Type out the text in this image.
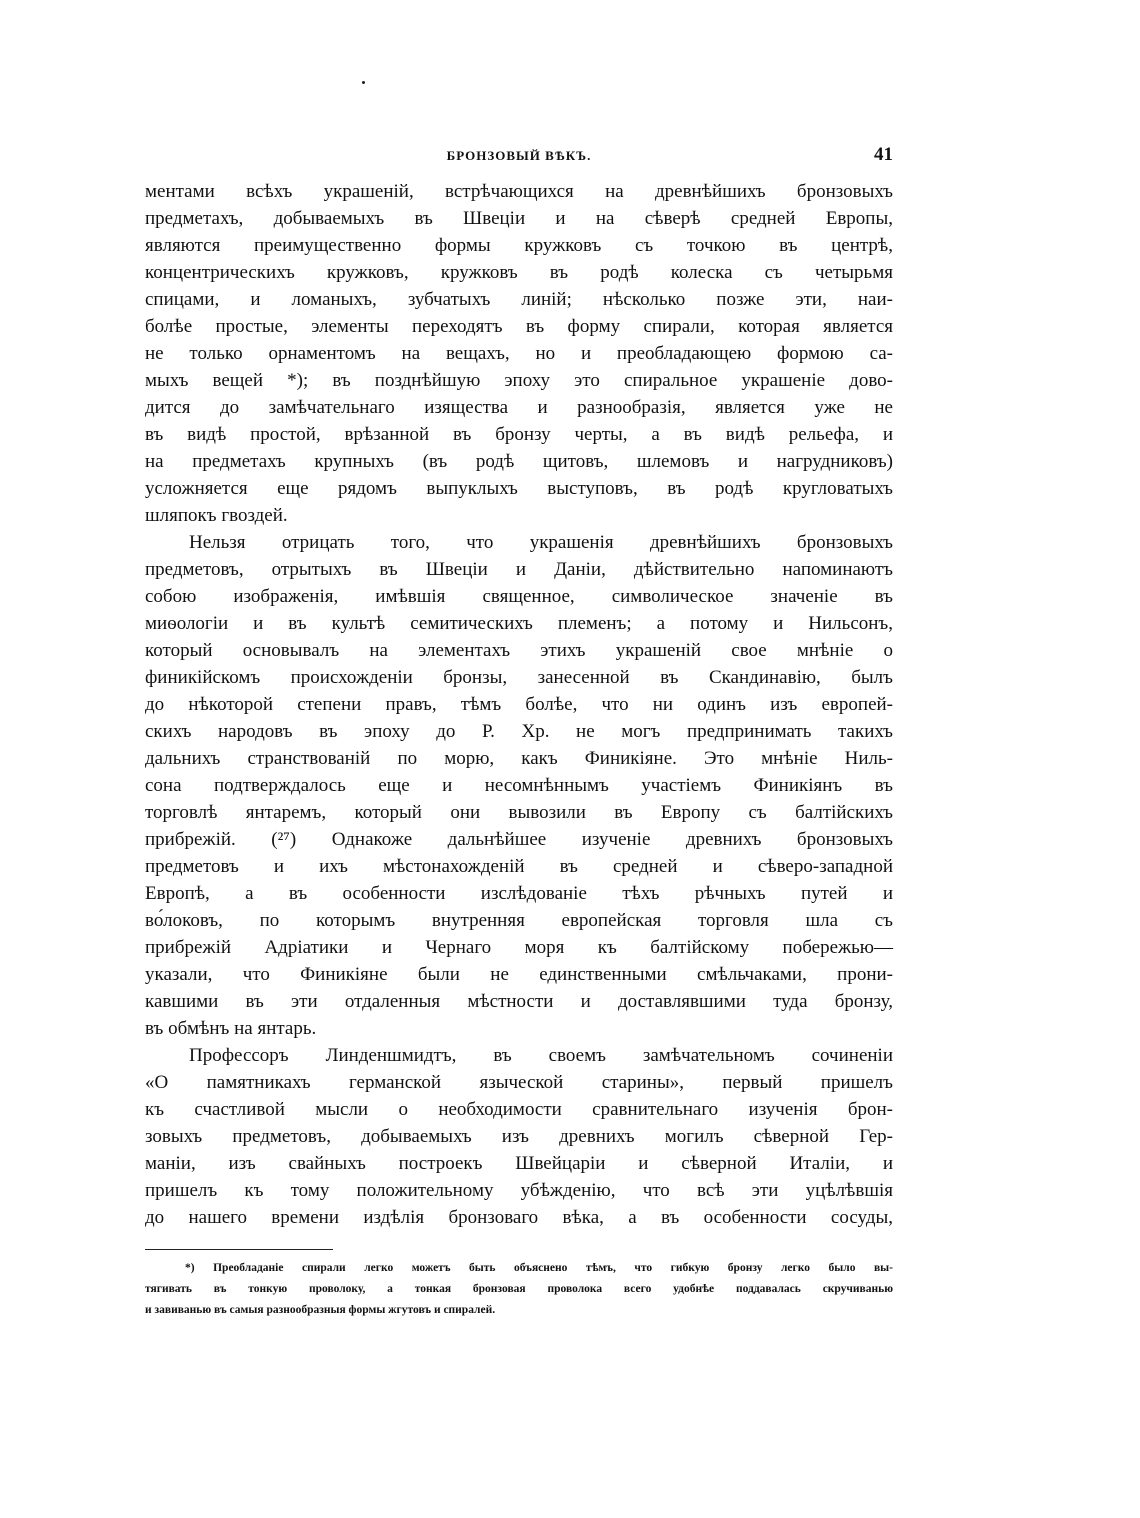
БРОНЗОВЫЙ ВѢКЪ.	41

ментами всѣхъ украшеній, встрѣчающихся на древнѣйшихъ бронзовыхъ

предметахъ, добываемыхъ въ Швеціи и на сѣверѣ средней Европы,

являются преимущественно формы кружковъ съ точкою въ центрѣ,

концентрическихъ кружковъ, кружковъ въ родѣ колеска съ четырьмя

спицами, и ломаныхъ, зубчатыхъ линій; нѣсколько позже эти, наи-

болѣе простые, элементы переходятъ въ форму спирали, которая является

не только орнаментомъ на вещахъ, но и преобладающею формою са-

мыхъ вещей *); въ позднѣйшую эпоху это спиральное украшеніе дово-

дится до замѣчательнаго изящества и разнообразія, является уже не

въ видѣ простой, врѣзанной въ бронзу черты, а въ видѣ рельефа, и

на предметахъ крупныхъ (въ родѣ щитовъ, шлемовъ и нагрудниковъ)

усложняется еще рядомъ выпуклыхъ выступовъ, въ родѣ кругловатыхъ

шляпокъ гвоздей.

Нельзя отрицать того, что украшенія древнѣйшихъ бронзовыхъ

предметовъ, отрытыхъ въ Швеціи и Даніи, дѣйствительно напоминаютъ

собою изображенія, имѣвшія священное, символическое значеніе въ

миѳологіи и въ культѣ семитическихъ племенъ; а потому и Нильсонъ,

который основывалъ на элементахъ этихъ украшеній свое мнѣніе о

финикійскомъ происхожденіи бронзы, занесенной въ Скандинавію, былъ

до нѣкоторой степени правъ, тѣмъ болѣе, что ни одинъ изъ европей-

скихъ народовъ въ эпоху до Р. Хр. не могъ предпринимать такихъ

дальнихъ странствованій по морю, какъ Финикіяне. Это мнѣніе Ниль-

сона подтверждалось еще и несомнѣннымъ участіемъ Финикіянъ въ

торговлѣ янтаремъ, который они вывозили въ Европу съ балтійскихъ

прибрежій. (²⁷) Однакоже дальнѣйшее изученіе древнихъ бронзовыхъ

предметовъ и ихъ мѣстонахожденій въ средней и сѣверо-западной

Европѣ, а въ особенности изслѣдованіе тѣхъ рѣчныхъ путей и

во́локовъ, по которымъ внутренняя европейская торговля шла съ

прибрежій Адріатики и Чернаго моря къ балтійскому побережью—

указали, что Финикіяне были не единственными смѣльчаками, прони-

кавшими въ эти отдаленныя мѣстности и доставлявшими туда бронзу,

въ обмѣнъ на янтарь.

Профессоръ Линденшмидтъ, въ своемъ замѣчательномъ сочиненіи

«О памятникахъ германской языческой старины», первый пришелъ

къ счастливой мысли о необходимости сравнительнаго изученія брон-

зовыхъ предметовъ, добываемыхъ изъ древнихъ могилъ сѣверной Гер-

маніи, изъ свайныхъ построекъ Швейцаріи и сѣверной Италіи, и

пришелъ къ тому положительному убѣжденію, что всѣ эти уцѣлѣвшія

до нашего времени издѣлія бронзоваго вѣка, а въ особенности сосуды,

*) Преобладаніе спирали легко можетъ быть объяснено тѣмъ, что гибкую бронзу легко было вы-

тягивать въ тонкую проволоку, а тонкая бронзовая проволока всего удобнѣе поддавалась скручиванью

и завиванью въ самыя разнообразныя формы жгутовъ и спиралей.
